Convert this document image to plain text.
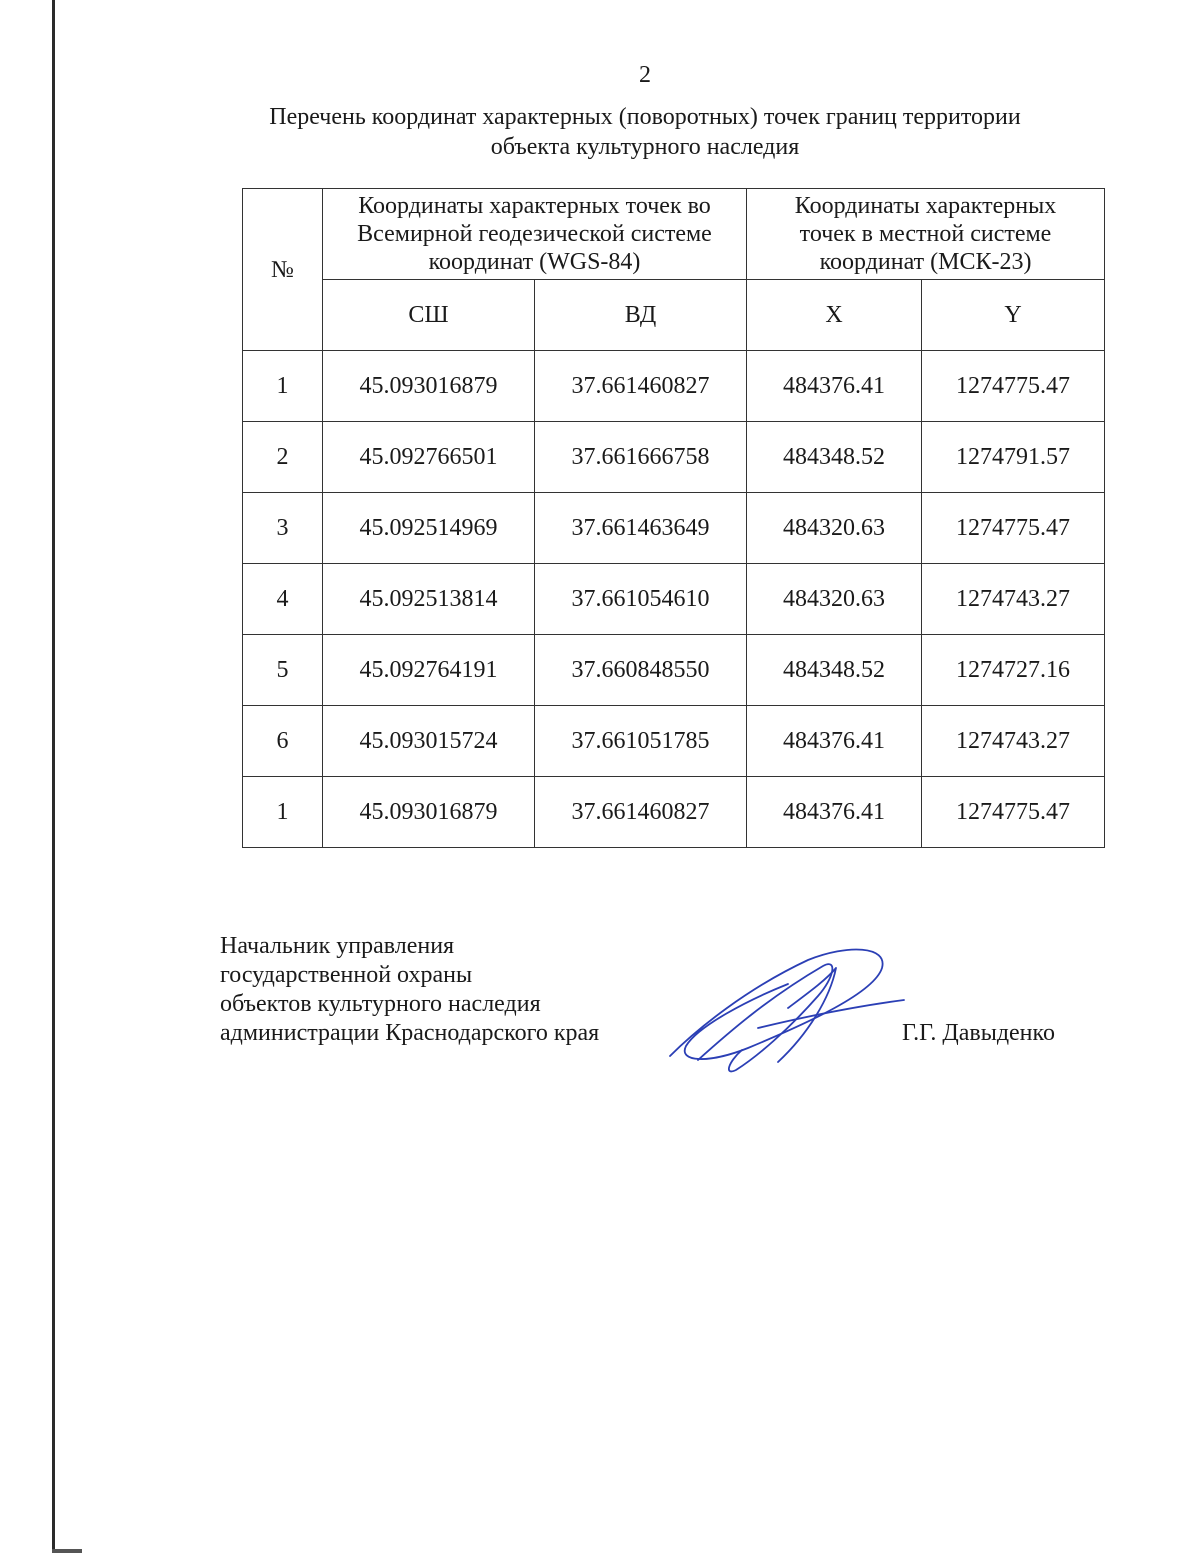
2
Перечень координат характерных (поворотных) точек границ территории
объекта культурного наследия
№	Координаты характерных точек во
Всемирной геодезической системе
координат (WGS-84)		Координаты характерных
точек в местной системе
координат (МСК-23)	

	СШ	ВД	X	Y
1	45.093016879	37.661460827	484376.41	1274775.47
2	45.092766501	37.661666758	484348.52	1274791.57
3	45.092514969	37.661463649	484320.63	1274775.47
4	45.092513814	37.661054610	484320.63	1274743.27
5	45.092764191	37.660848550	484348.52	1274727.16
6	45.093015724	37.661051785	484376.41	1274743.27
1	45.093016879	37.661460827	484376.41	1274775.47
Начальник управления
государственной охраны
объектов культурного наследия
администрации Краснодарского края	Г.Г. Давыденко
